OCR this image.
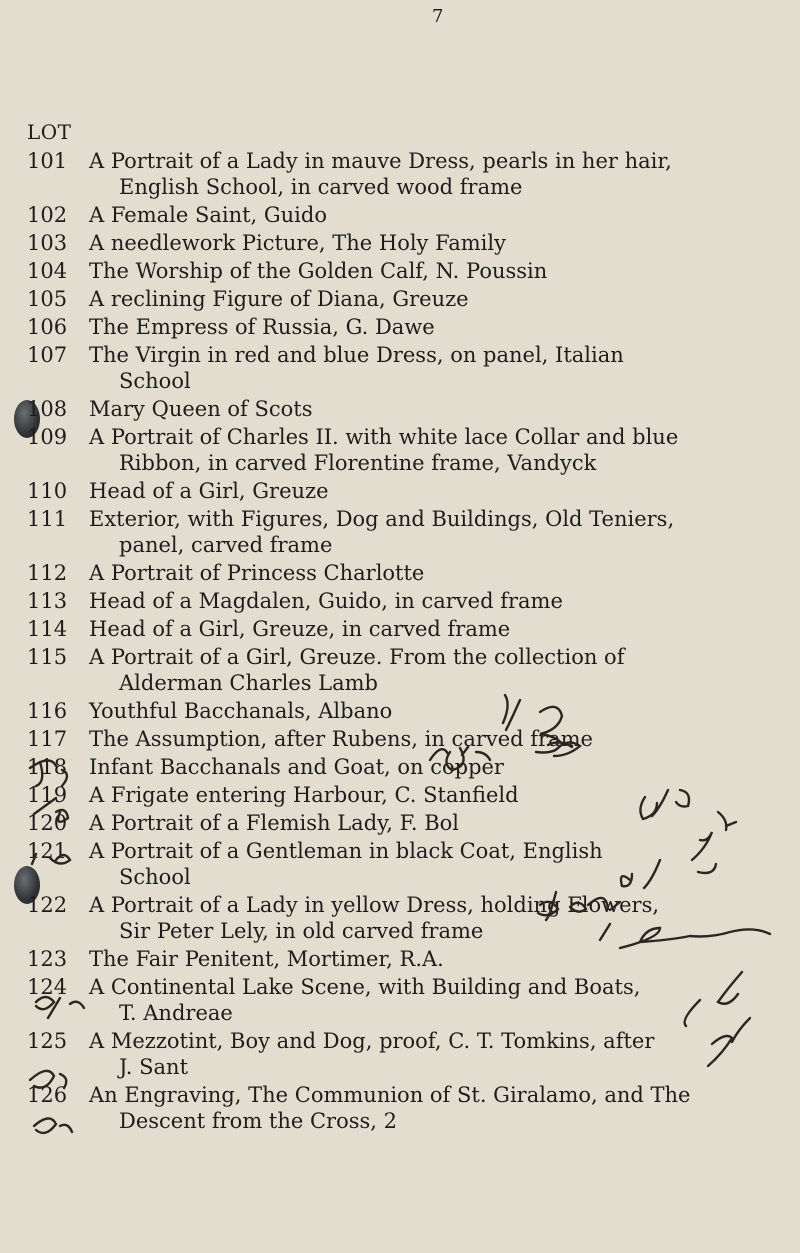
7
LOT
101	A Portrait of a Lady in mauve Dress, pearls in her hair,
English School, in carved wood frame
102	A Female Saint, Guido
103	A needlework Picture, The Holy Family
104	The Worship of the Golden Calf, N. Poussin
105	A reclining Figure of Diana, Greuze
106	The Empress of Russia, G. Dawe
107	The Virgin in red and blue Dress, on panel, Italian
School
108	Mary Queen of Scots
109	A Portrait of Charles II. with white lace Collar and blue
Ribbon, in carved Florentine frame, Vandyck
110	Head of a Girl, Greuze
111	Exterior, with Figures, Dog and Buildings, Old Teniers,
panel, carved frame
112	A Portrait of Princess Charlotte
113	Head of a Magdalen, Guido, in carved frame
114	Head of a Girl, Greuze, in carved frame
115	A Portrait of a Girl, Greuze. From the collection of
Alderman Charles Lamb
116	Youthful Bacchanals, Albano
117	The Assumption, after Rubens, in carved frame
118	Infant Bacchanals and Goat, on copper
119	A Frigate entering Harbour, C. Stanfield
120	A Portrait of a Flemish Lady, F. Bol
121	A Portrait of a Gentleman in black Coat, English
School
122	A Portrait of a Lady in yellow Dress, holding Flowers,
Sir Peter Lely, in old carved frame
123	The Fair Penitent, Mortimer, R.A.
124	A Continental Lake Scene, with Building and Boats,
T. Andreae
125	A Mezzotint, Boy and Dog, proof, C. T. Tomkins, after
J. Sant
126	An Engraving, The Communion of St. Giralamo, and The
Descent from the Cross, 2
